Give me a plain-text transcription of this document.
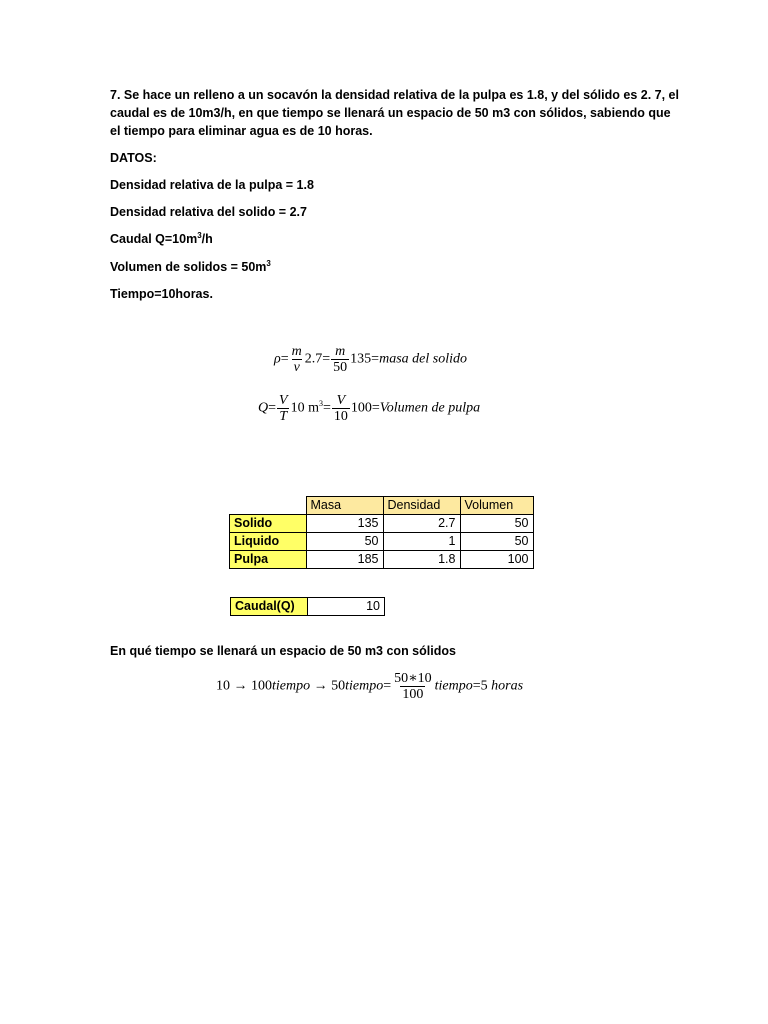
7. Se hace un relleno a un socavón la densidad relativa de la pulpa es 1.8, y del sólido es 2. 7, el
caudal es de 10m3/h, en que tiempo se llenará un espacio de 50 m3 con sólidos, sabiendo que
el tiempo para eliminar agua es de 10 horas.
DATOS:
Densidad relativa de la pulpa = 1.8
Densidad relativa del solido = 2.7
Caudal $Q=10m^3/h$
Volumen de solidos = $50m^3$
Tiempo=10horas.
$\rho= \frac{m}{v} 2.7= \frac{m}{50}$ 135=masa del solido
$Q= \frac{V}{T} 10$ $m^3= \frac{V}{10}$ 100=Volumen de pulpa
	Masa	Densidad	Volumen
Solido	135	2.7	50
Liquido	50	1	50
Pulpa	185	1.8	100
Caudal(Q)	10
En qué tiempo se llenará un espacio de 50 m3 con sólidos
10 → 100tiempo → 50tiempo= $\frac{50∗10}{100}$ tiempo=5 horas
